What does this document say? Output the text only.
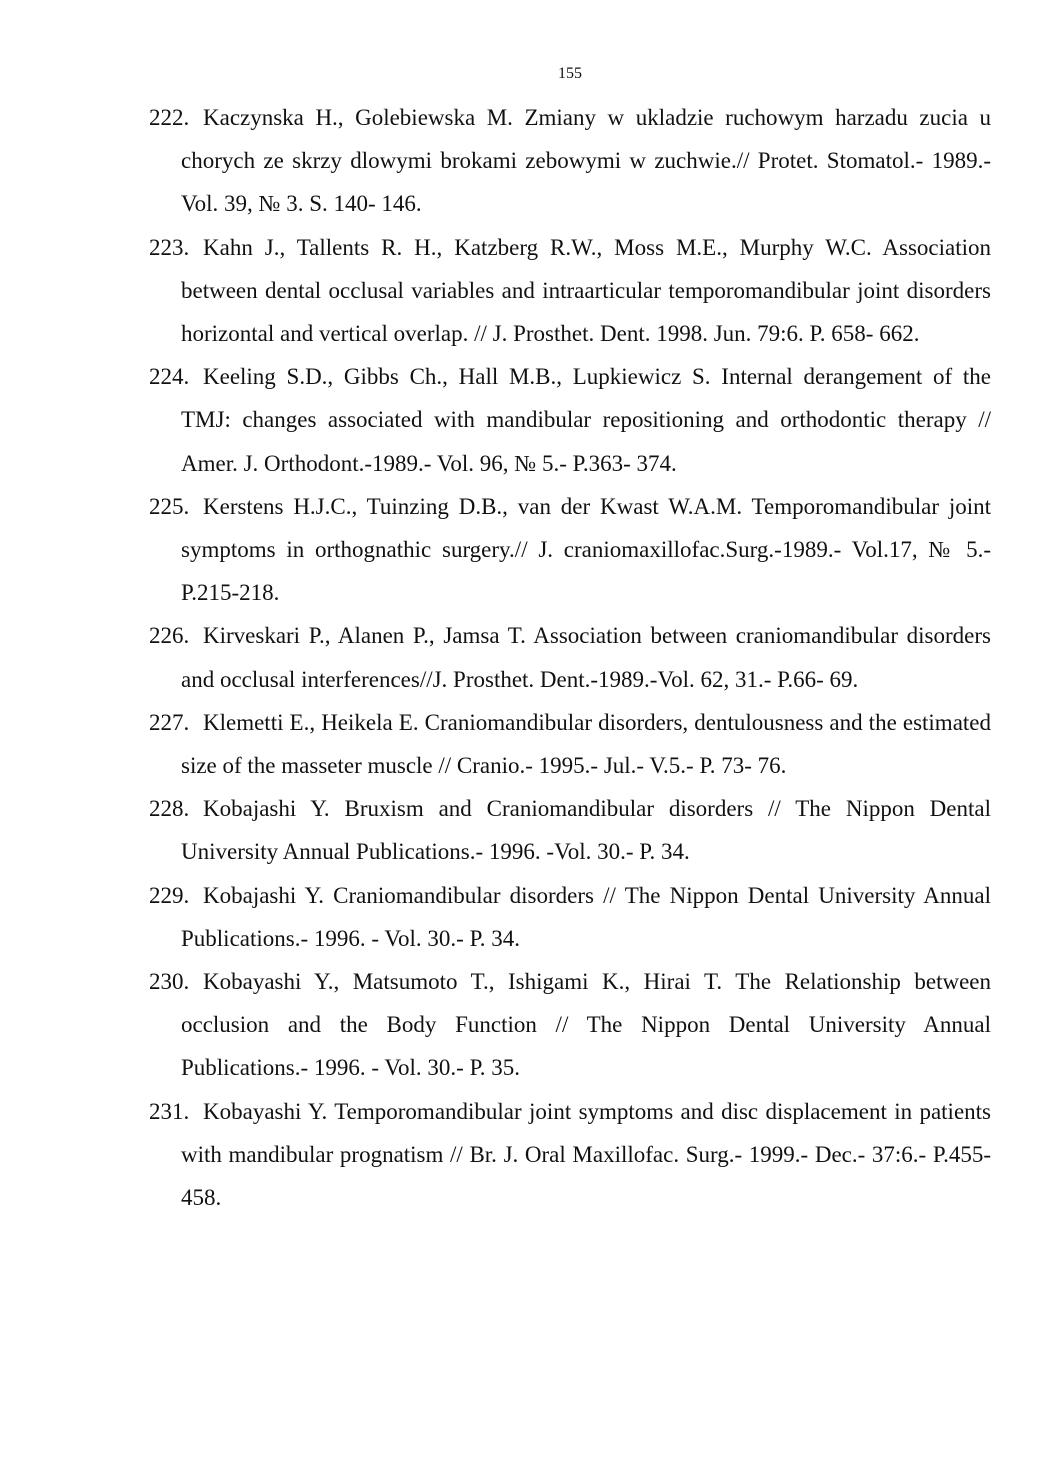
155
222. Kaczynska H., Golebiewska M. Zmiany w ukladzie ruchowym harzadu zucia u chorych ze skrzy dlowymi brokami zebowymi w zuchwie.// Protet. Stomatol.- 1989.-Vol. 39, № 3. S. 140- 146.
223. Kahn J., Tallents R. H., Katzberg R.W., Moss M.E., Murphy W.C. Association between dental occlusal variables and intraarticular temporomandibular joint disorders horizontal and vertical overlap. // J. Prosthet. Dent. 1998. Jun. 79:6. P. 658- 662.
224. Keeling S.D., Gibbs Ch., Hall M.B., Lupkiewicz S. Internal derangement of the TMJ: changes associated with mandibular repositioning and orthodontic therapy // Amer. J. Orthodont.-1989.- Vol. 96, № 5.- P.363- 374.
225. Kerstens H.J.C., Tuinzing D.B., van der Kwast W.A.M. Temporomandibular joint symptoms in orthognathic surgery.// J. craniomaxillofac.Surg.-1989.- Vol.17, № 5.- P.215-218.
226. Kirveskari P., Alanen P., Jamsa T. Association between craniomandibular disorders and occlusal interferences//J. Prosthet. Dent.-1989.-Vol. 62, 31.- P.66- 69.
227. Klemetti E., Heikela E. Craniomandibular disorders, dentulousness and the estimated size of the masseter muscle // Cranio.- 1995.- Jul.- V.5.- P. 73- 76.
228. Kobajashi Y. Bruxism and Craniomandibular disorders // The Nippon Dental University Annual Publications.- 1996. -Vol. 30.- P. 34.
229. Kobajashi Y. Craniomandibular disorders // The Nippon Dental University Annual Publications.- 1996. - Vol. 30.- P. 34.
230. Kobayashi Y., Matsumoto T., Ishigami K., Hirai T. The Relationship between occlusion and the Body Function // The Nippon Dental University Annual Publications.- 1996. - Vol. 30.- P. 35.
231. Kobayashi Y. Temporomandibular joint symptoms and disc displacement in patients with mandibular prognatism // Br. J. Oral Maxillofac. Surg.- 1999.- Dec.- 37:6.- P.455-458.
